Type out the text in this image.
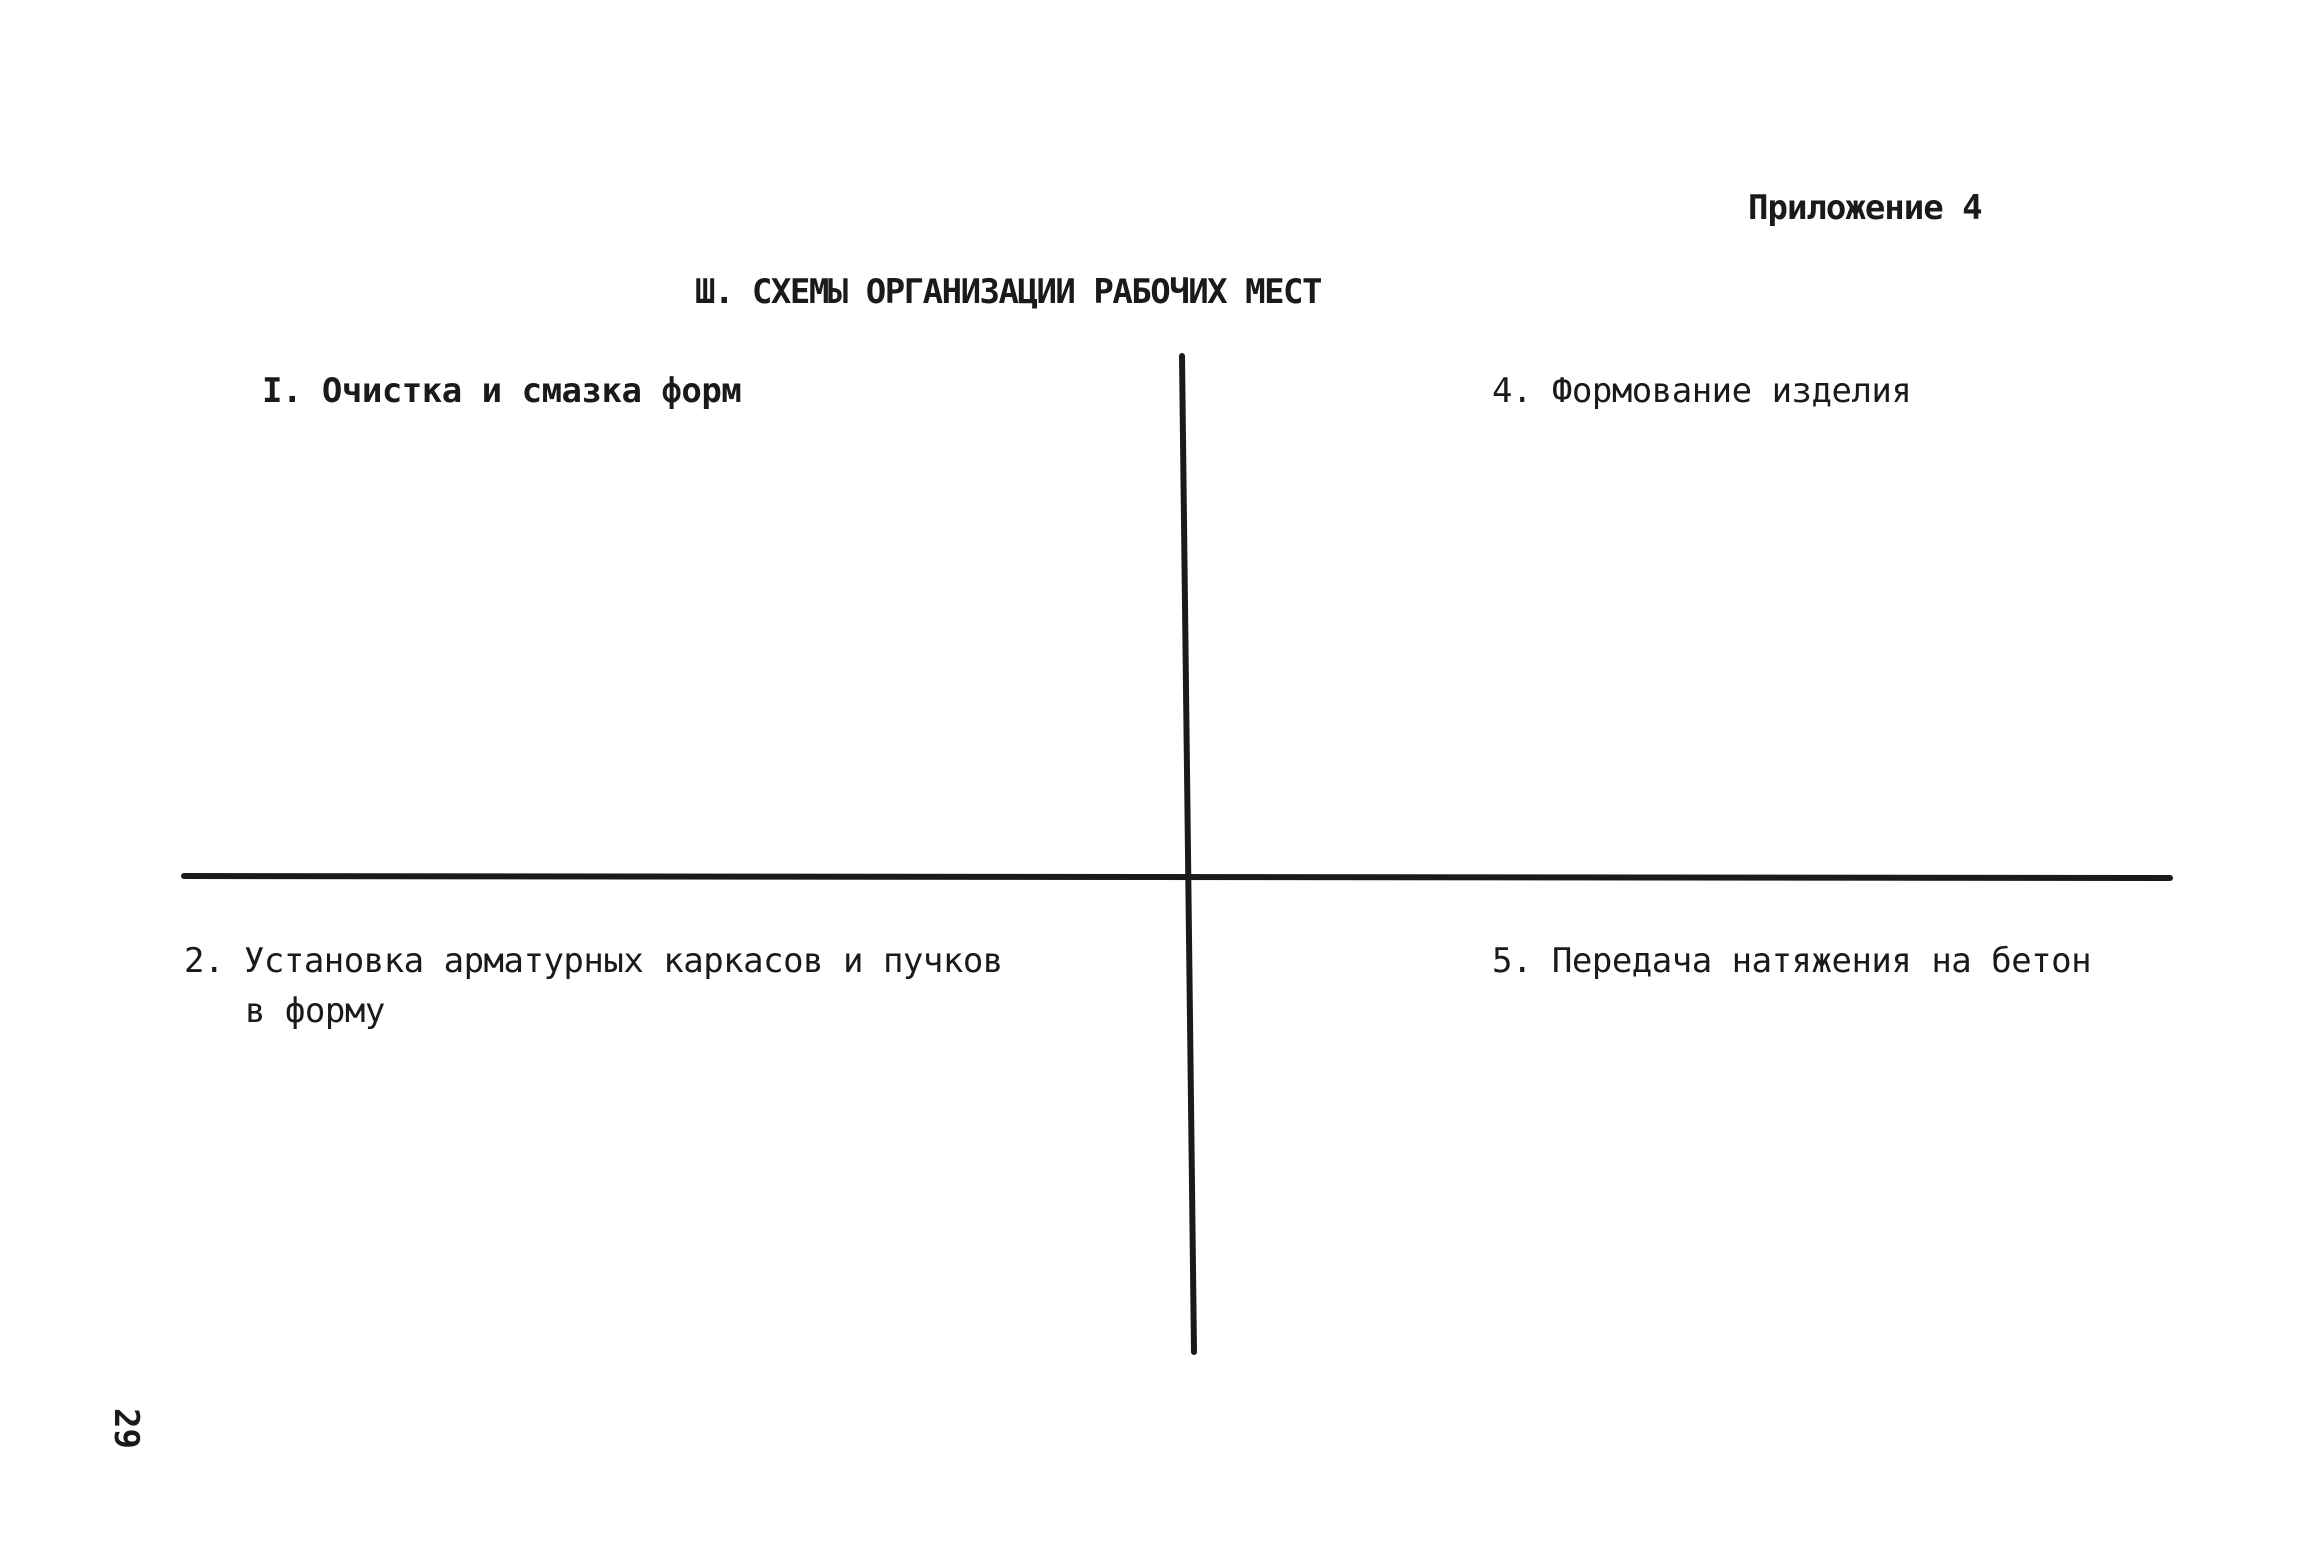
Приложение 4
Ш. СХЕМЫ ОРГАНИЗАЦИИ РАБОЧИХ МЕСТ
I. Очистка и смазка форм	4. Формование изделия
2. Установка арматурных каркасов и пучков
в форму
5. Передача натяжения на бетон
29
